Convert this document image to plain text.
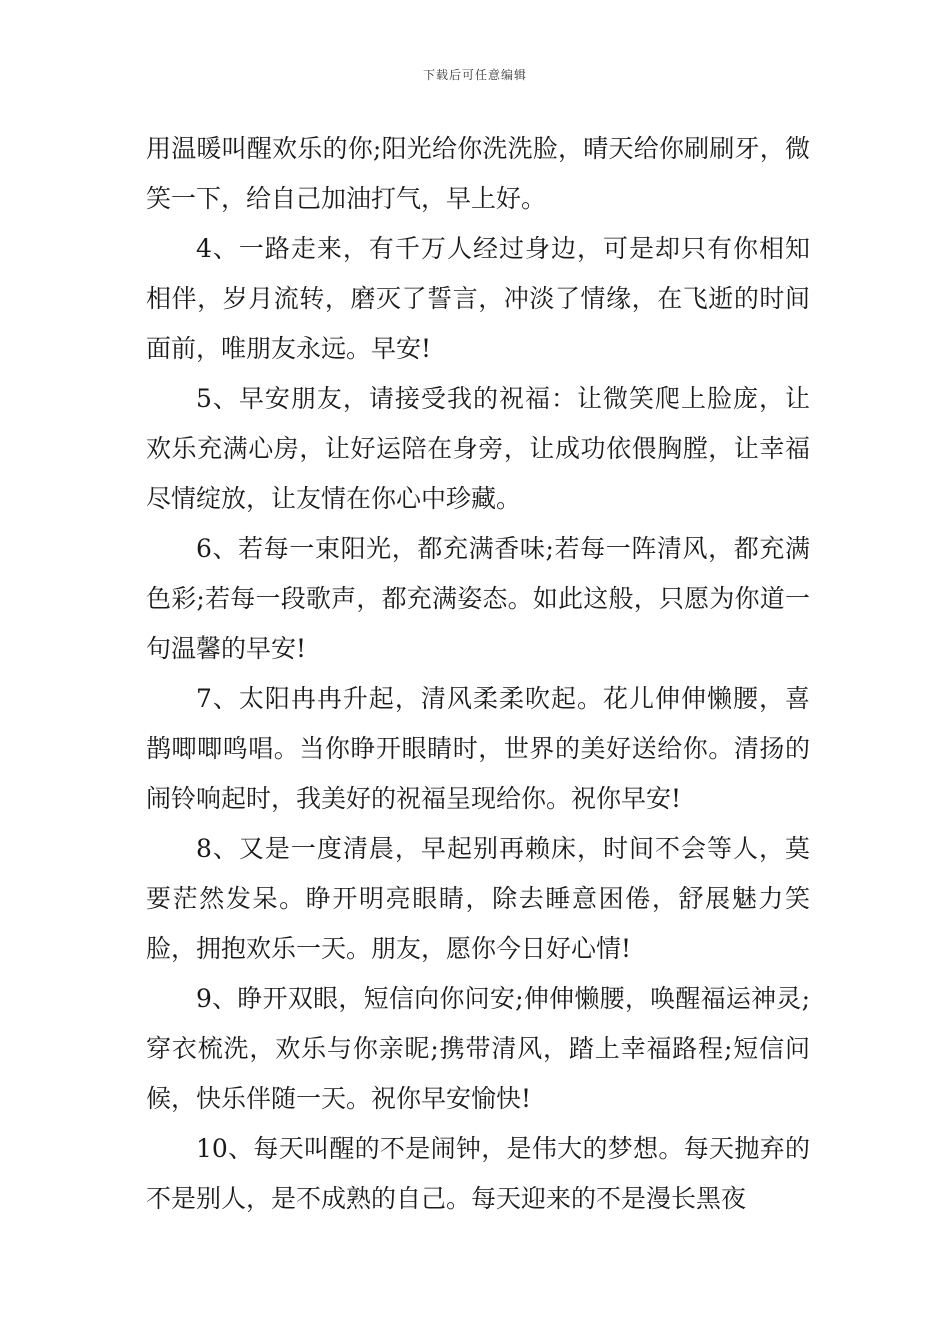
下载后可任意编辑

用温暖叫醒欢乐的你;阳光给你洗洗脸，晴天给你刷刷牙，微笑一下，给自己加油打气，早上好。

4、一路走来，有千万人经过身边，可是却只有你相知相伴，岁月流转，磨灭了誓言，冲淡了情缘，在飞逝的时间面前，唯朋友永远。早安!

5、早安朋友，请接受我的祝福：让微笑爬上脸庞，让欢乐充满心房，让好运陪在身旁，让成功依偎胸膛，让幸福尽情绽放，让友情在你心中珍藏。

6、若每一束阳光，都充满香味;若每一阵清风，都充满色彩;若每一段歌声，都充满姿态。如此这般，只愿为你道一句温馨的早安!

7、太阳冉冉升起，清风柔柔吹起。花儿伸伸懒腰，喜鹊唧唧鸣唱。当你睁开眼睛时，世界的美好送给你。清扬的闹铃响起时，我美好的祝福呈现给你。祝你早安!

8、又是一度清晨，早起别再赖床，时间不会等人，莫要茫然发呆。睁开明亮眼睛，除去睡意困倦，舒展魅力笑脸，拥抱欢乐一天。朋友，愿你今日好心情!

9、睁开双眼，短信向你问安;伸伸懒腰，唤醒福运神灵;穿衣梳洗，欢乐与你亲昵;携带清风，踏上幸福路程;短信问候，快乐伴随一天。祝你早安愉快!

10、每天叫醒的不是闹钟，是伟大的梦想。每天抛弃的不是别人，是不成熟的自己。每天迎来的不是漫长黑夜
